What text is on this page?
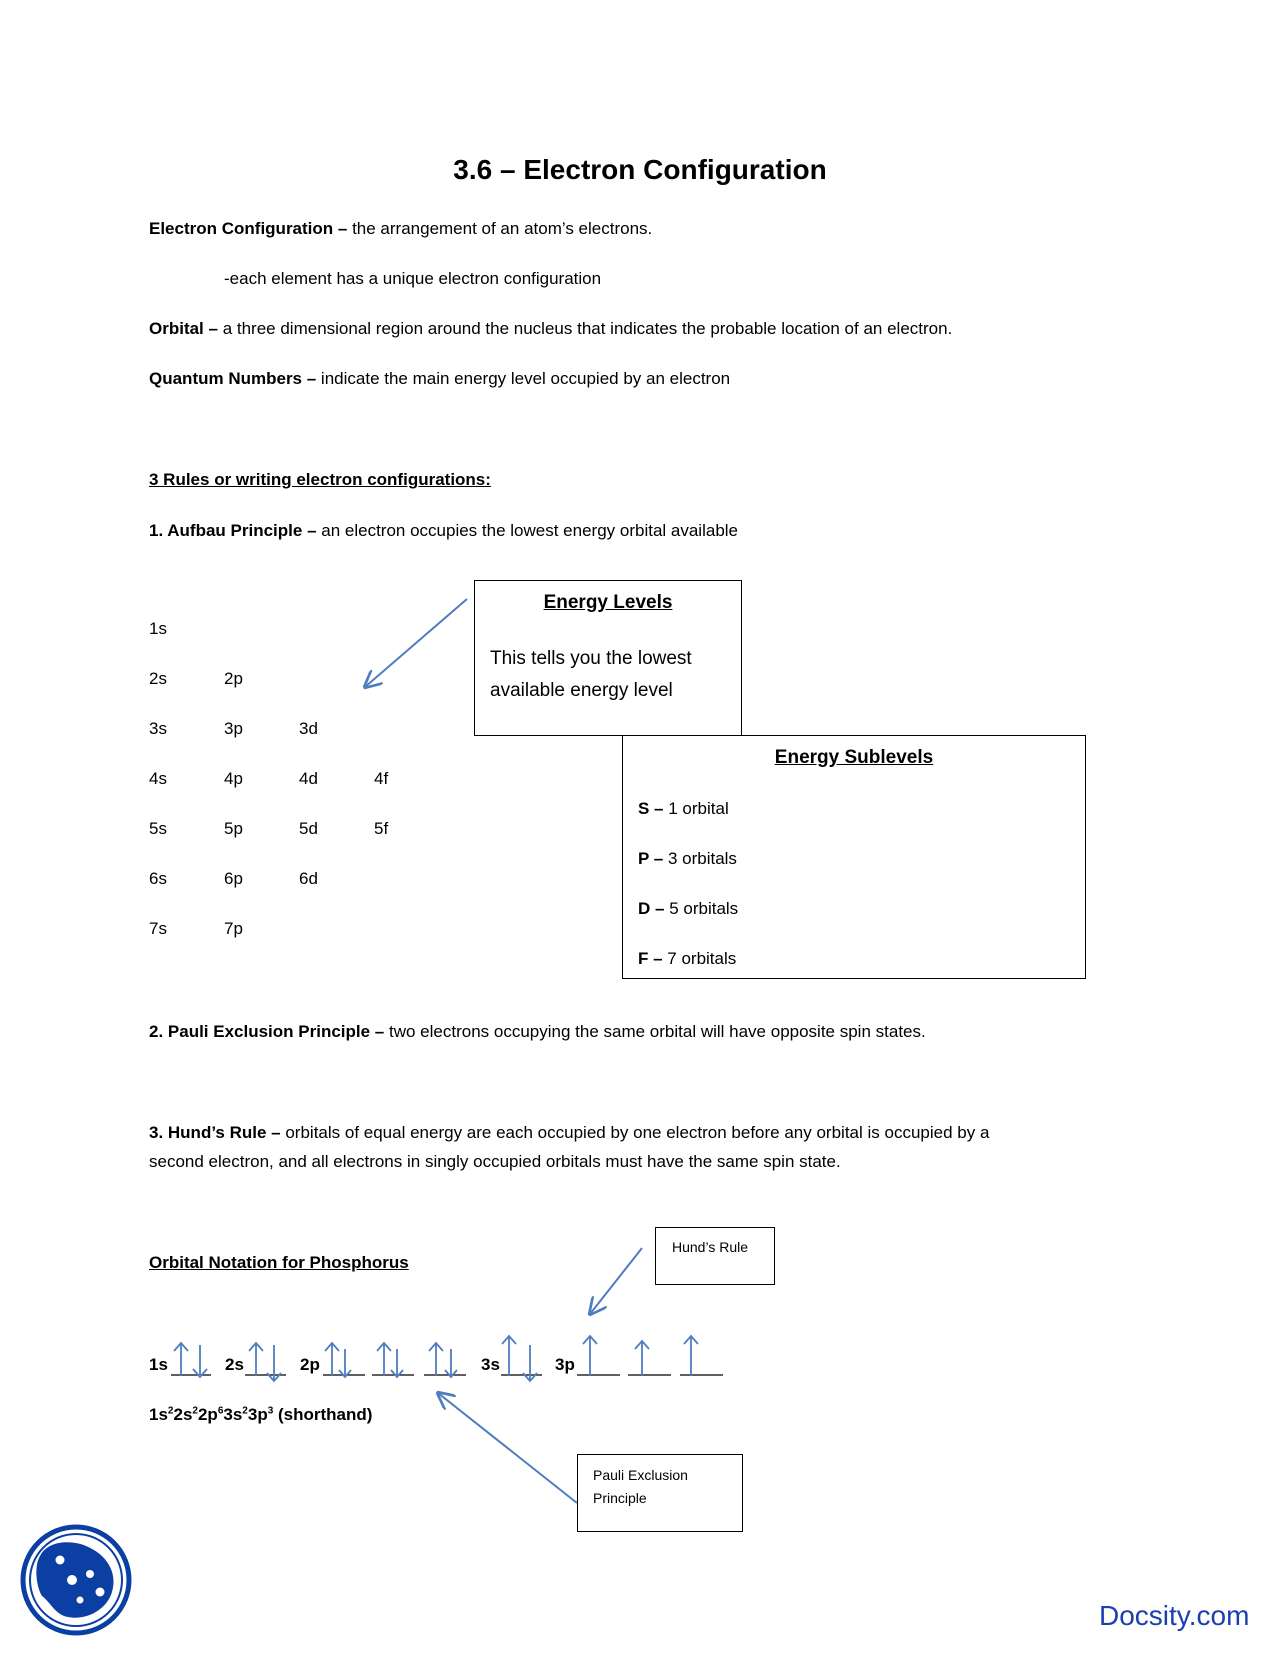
3.6 – Electron Configuration
Electron Configuration – the arrangement of an atom’s electrons.
-each element has a unique electron configuration
Orbital – a three dimensional region around the nucleus that indicates the probable location of an electron.
Quantum Numbers – indicate the main energy level occupied by an electron
3 Rules or writing electron configurations:
1. Aufbau Principle – an electron occupies the lowest energy orbital available
1s
2s	2p
3s	3p	3d
4s	4p	4d	4f
5s	5p	5d	5f
6s	6p	6d
7s	7p
Energy Levels
This tells you the lowest
available energy level
Energy Sublevels
S – 1 orbital
P – 3 orbitals
D – 5 orbitals
F – 7 orbitals
2. Pauli Exclusion Principle – two electrons occupying the same orbital will have opposite spin states.
3. Hund’s Rule – orbitals of equal energy are each occupied by one electron before any orbital is occupied by a
second electron, and all electrons in singly occupied orbitals must have the same spin state.
Orbital Notation for Phosphorus
Hund’s Rule
Pauli Exclusion
Principle
1s	2s	2p	3s	3p
$1s^22s^22p^63s^23p^3$ (shorthand)
Docsity.com
